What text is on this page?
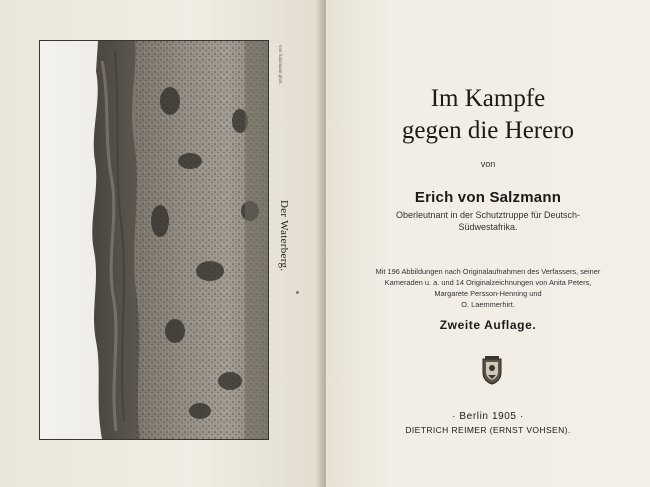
von Salzmann phot.
Der Waterberg.
Im Kampfe
gegen die Herero
von
Erich von Salzmann
Oberleutnant in der Schutztruppe für Deutsch-
Südwestafrika.
Mit 196 Abbildungen nach Originalaufnahmen des Verfassers, seiner
Kameraden u. a. und 14 Originalzeichnungen von Anita Peters,
Margarete Persson-Henning und
O. Laemmerhirt.
Zweite Auflage.
· Berlin 1905 ·
DIETRICH REIMER (ERNST VOHSEN).
